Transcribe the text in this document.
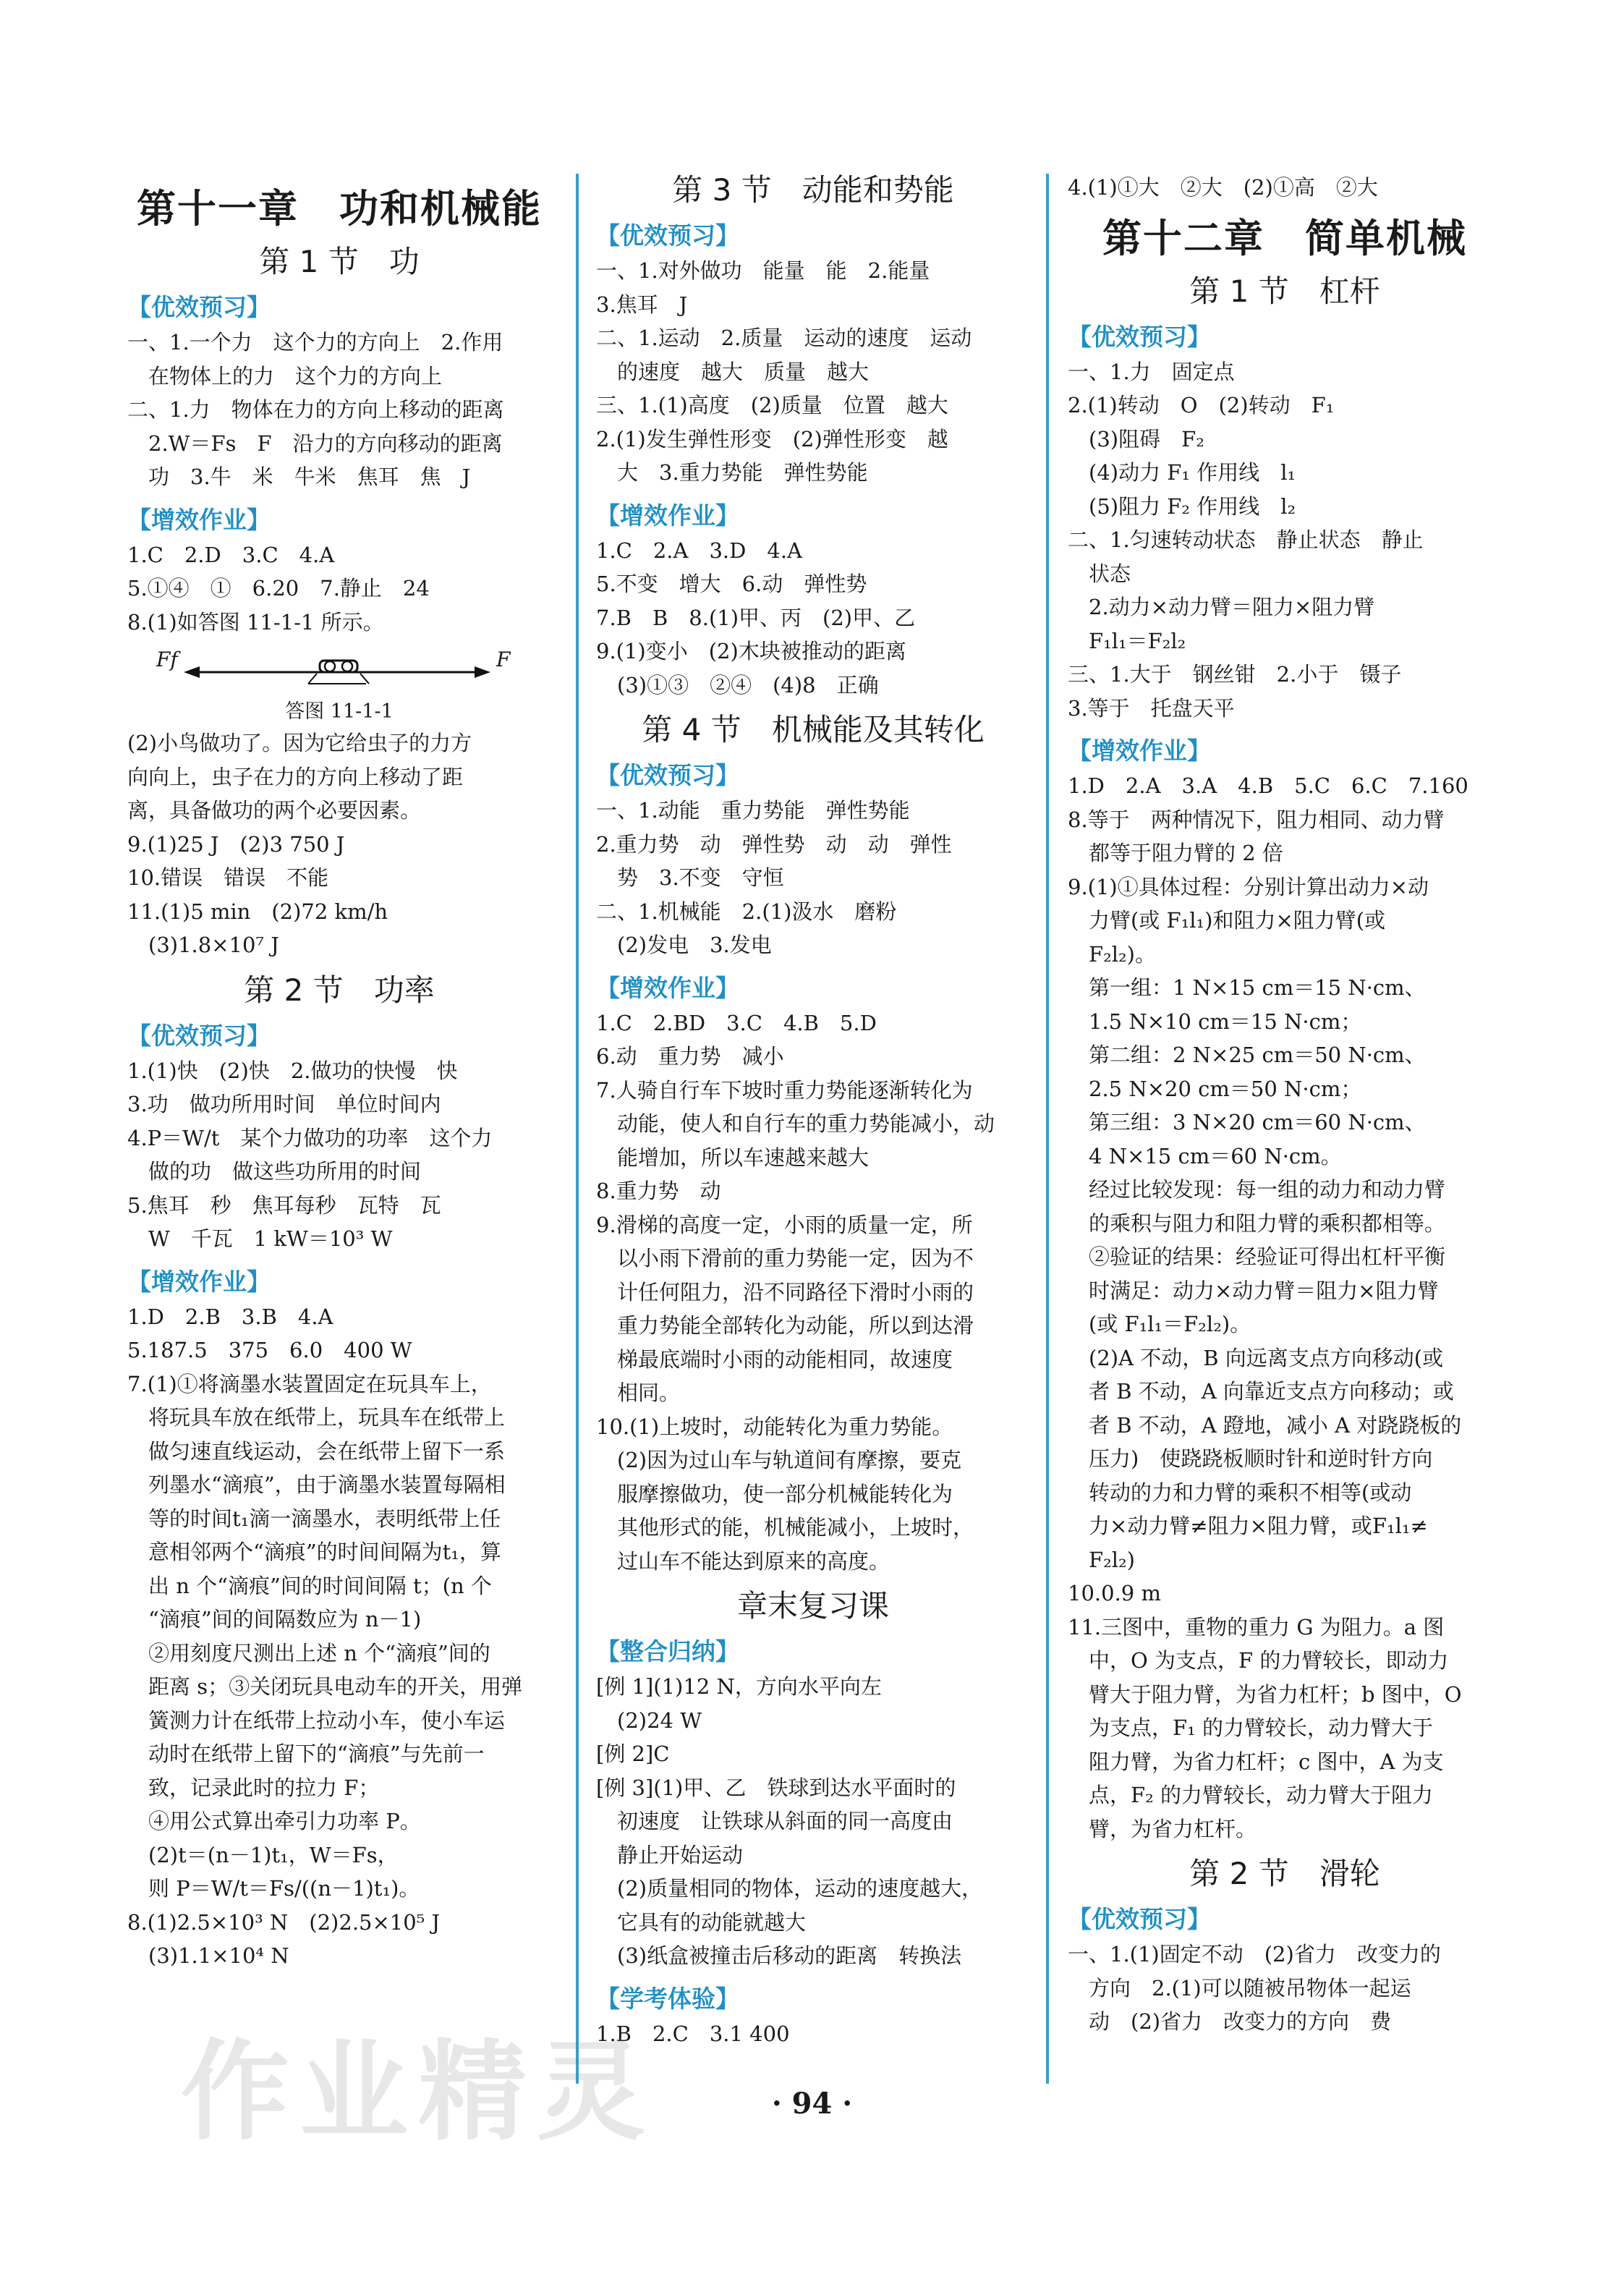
第十一章　功和机械能
第 1 节　功
【优效预习】
一、1.一个力　这个力的方向上　2.作用
　在物体上的力　这个力的方向上
二、1.力　物体在力的方向上移动的距离
　2.W＝Fs　F　沿力的方向移动的距离
　功　3.牛　米　牛米　焦耳　焦　J
【增效作业】
1.C　2.D　3.C　4.A
5.①④　①　6.20　7.静止　24
8.(1)如答图 11-1-1 所示。
Ff	F
答图 11-1-1
(2)小鸟做功了。因为它给虫子的力方
向向上，虫子在力的方向上移动了距
离，具备做功的两个必要因素。
9.(1)25 J　(2)3 750 J
10.错误　错误　不能
11.(1)5 min　(2)72 km/h
　(3)1.8×10⁷ J
第 2 节　功率
【优效预习】
1.(1)快　(2)快　2.做功的快慢　快
3.功　做功所用时间　单位时间内
4.P＝W/t　某个力做功的功率　这个力
　做的功　做这些功所用的时间
5.焦耳　秒　焦耳每秒　瓦特　瓦
　W　千瓦　1 kW＝10³ W
【增效作业】
1.D　2.B　3.B　4.A
5.187.5　375　6.0　400 W
7.(1)①将滴墨水装置固定在玩具车上，
　将玩具车放在纸带上，玩具车在纸带上
　做匀速直线运动，会在纸带上留下一系
　列墨水“滴痕”，由于滴墨水装置每隔相
　等的时间t₁滴一滴墨水，表明纸带上任
　意相邻两个“滴痕”的时间间隔为t₁，算
　出 n 个“滴痕”间的时间间隔 t；(n 个
　“滴痕”间的间隔数应为 n－1)
　②用刻度尺测出上述 n 个“滴痕”间的
　距离 s；③关闭玩具电动车的开关，用弹
　簧测力计在纸带上拉动小车，使小车运
　动时在纸带上留下的“滴痕”与先前一
　致，记录此时的拉力 F；
　④用公式算出牵引力功率 P。
　(2)t＝(n－1)t₁，W＝Fs，
　则 P＝W/t＝Fs/((n－1)t₁)。
8.(1)2.5×10³ N　(2)2.5×10⁵ J
　(3)1.1×10⁴ N
第 3 节　动能和势能
【优效预习】
一、1.对外做功　能量　能　2.能量
3.焦耳　J
二、1.运动　2.质量　运动的速度　运动
　的速度　越大　质量　越大
三、1.(1)高度　(2)质量　位置　越大
2.(1)发生弹性形变　(2)弹性形变　越
　大　3.重力势能　弹性势能
【增效作业】
1.C　2.A　3.D　4.A
5.不变　增大　6.动　弹性势
7.B　B　8.(1)甲、丙　(2)甲、乙
9.(1)变小　(2)木块被推动的距离
　(3)①③　②④　(4)8　正确
第 4 节　机械能及其转化
【优效预习】
一、1.动能　重力势能　弹性势能
2.重力势　动　弹性势　动　动　弹性
　势　3.不变　守恒
二、1.机械能　2.(1)汲水　磨粉
　(2)发电　3.发电
【增效作业】
1.C　2.BD　3.C　4.B　5.D
6.动　重力势　减小
7.人骑自行车下坡时重力势能逐渐转化为
　动能，使人和自行车的重力势能减小，动
　能增加，所以车速越来越大
8.重力势　动
9.滑梯的高度一定，小雨的质量一定，所
　以小雨下滑前的重力势能一定，因为不
　计任何阻力，沿不同路径下滑时小雨的
　重力势能全部转化为动能，所以到达滑
　梯最底端时小雨的动能相同，故速度
　相同。
10.(1)上坡时，动能转化为重力势能。
　(2)因为过山车与轨道间有摩擦，要克
　服摩擦做功，使一部分机械能转化为
　其他形式的能，机械能减小，上坡时，
　过山车不能达到原来的高度。
章末复习课
【整合归纳】
[例 1](1)12 N，方向水平向左
　(2)24 W
[例 2]C
[例 3](1)甲、乙　铁球到达水平面时的
　初速度　让铁球从斜面的同一高度由
　静止开始运动
　(2)质量相同的物体，运动的速度越大，
　它具有的动能就越大
　(3)纸盒被撞击后移动的距离　转换法
【学考体验】
1.B　2.C　3.1 400
4.(1)①大　②大　(2)①高　②大
第十二章　简单机械
第 1 节　杠杆
【优效预习】
一、1.力　固定点
2.(1)转动　O　(2)转动　F₁
　(3)阻碍　F₂
　(4)动力 F₁ 作用线　l₁
　(5)阻力 F₂ 作用线　l₂
二、1.匀速转动状态　静止状态　静止
　状态
　2.动力×动力臂＝阻力×阻力臂
　F₁l₁＝F₂l₂
三、1.大于　钢丝钳　2.小于　镊子
3.等于　托盘天平
【增效作业】
1.D　2.A　3.A　4.B　5.C　6.C　7.160
8.等于　两种情况下，阻力相同、动力臂
　都等于阻力臂的 2 倍
9.(1)①具体过程：分别计算出动力×动
　力臂(或 F₁l₁)和阻力×阻力臂(或
　F₂l₂)。
　第一组：1 N×15 cm＝15 N·cm、
　1.5 N×10 cm＝15 N·cm；
　第二组：2 N×25 cm＝50 N·cm、
　2.5 N×20 cm＝50 N·cm；
　第三组：3 N×20 cm＝60 N·cm、
　4 N×15 cm＝60 N·cm。
　经过比较发现：每一组的动力和动力臂
　的乘积与阻力和阻力臂的乘积都相等。
　②验证的结果：经验证可得出杠杆平衡
　时满足：动力×动力臂＝阻力×阻力臂
　(或 F₁l₁＝F₂l₂)。
　(2)A 不动，B 向远离支点方向移动(或
　者 B 不动，A 向靠近支点方向移动；或
　者 B 不动，A 蹬地，减小 A 对跷跷板的
　压力)　使跷跷板顺时针和逆时针方向
　转动的力和力臂的乘积不相等(或动
　力×动力臂≠阻力×阻力臂，或F₁l₁≠
　F₂l₂)
10.0.9 m
11.三图中，重物的重力 G 为阻力。a 图
　中，O 为支点，F 的力臂较长，即动力
　臂大于阻力臂，为省力杠杆；b 图中，O
　为支点，F₁ 的力臂较长，动力臂大于
　阻力臂，为省力杠杆；c 图中，A 为支
　点，F₂ 的力臂较长，动力臂大于阻力
　臂，为省力杠杆。
第 2 节　滑轮
【优效预习】
一、1.(1)固定不动　(2)省力　改变力的
　方向　2.(1)可以随被吊物体一起运
　动　(2)省力　改变力的方向　费
作业精灵	· 94 ·
